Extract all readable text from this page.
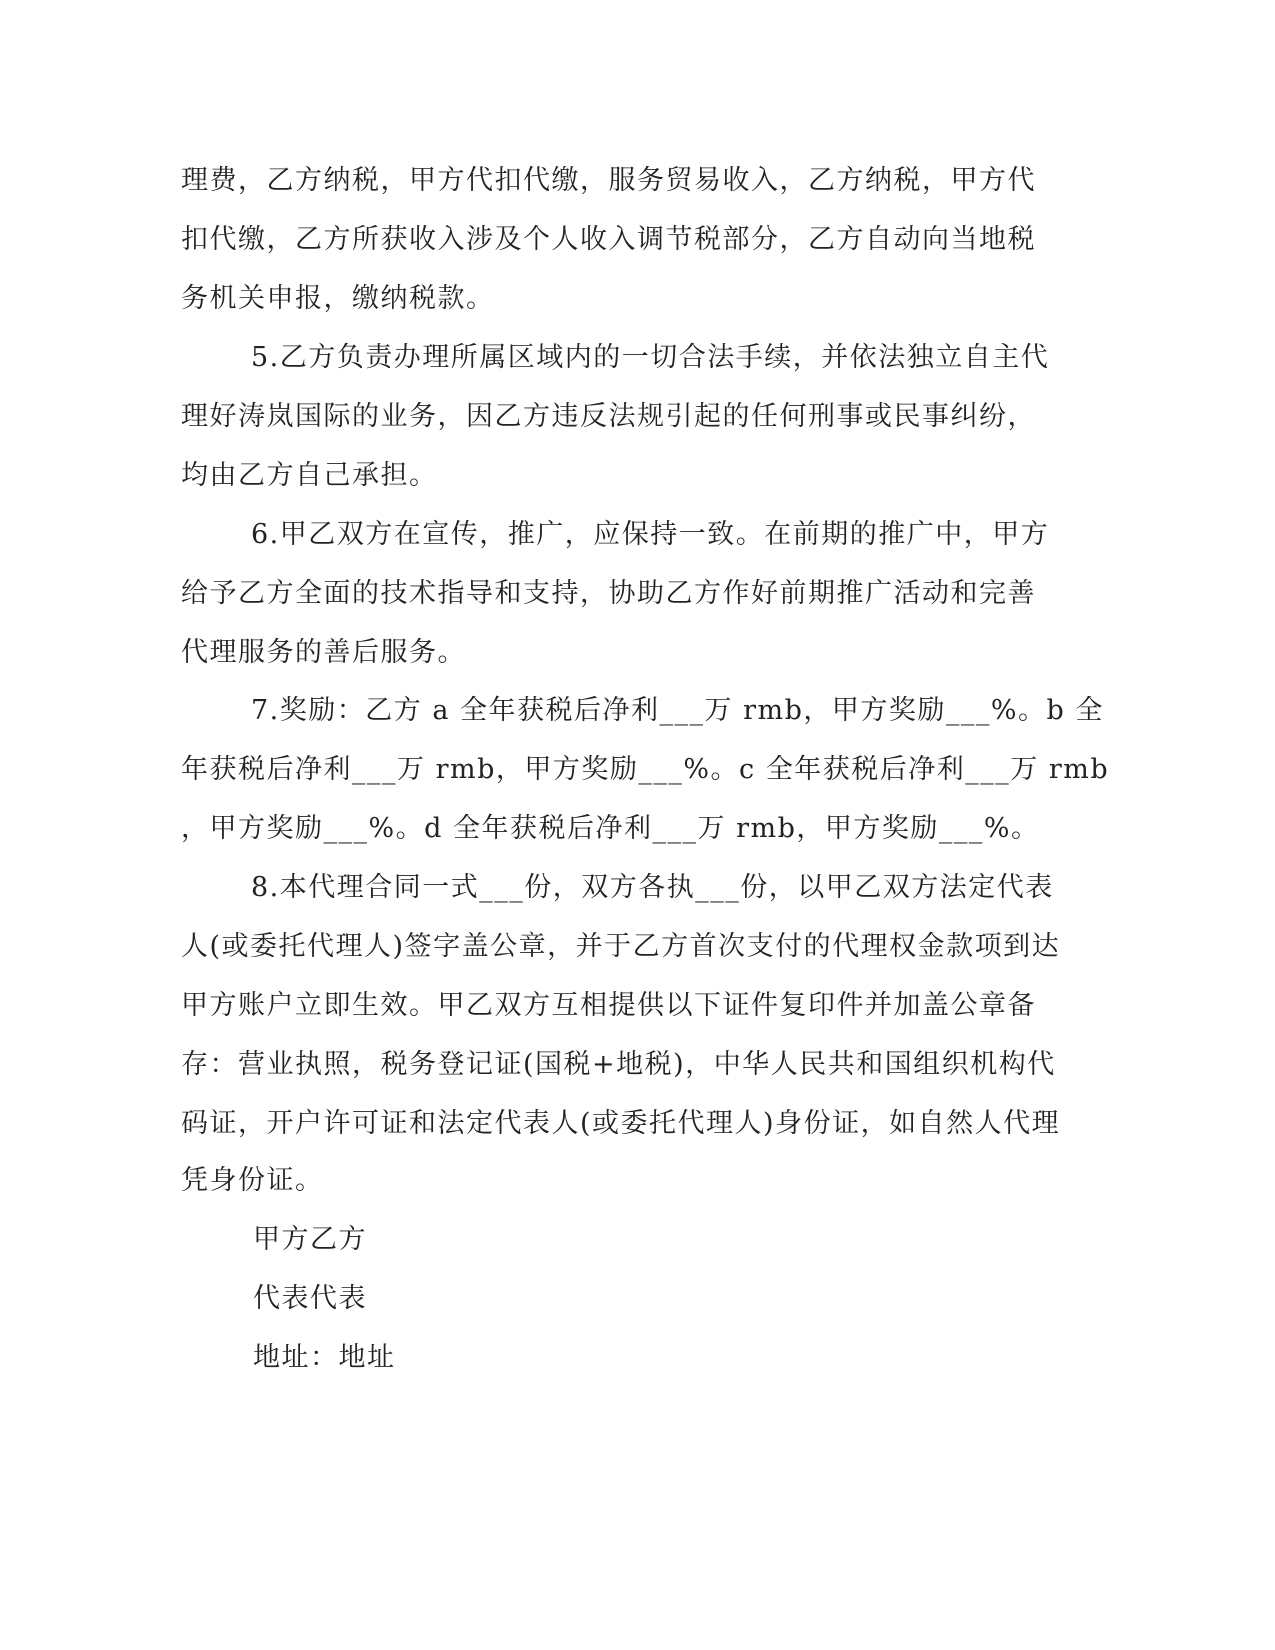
理费，乙方纳税，甲方代扣代缴，服务贸易收入，乙方纳税，甲方代
扣代缴，乙方所获收入涉及个人收入调节税部分，乙方自动向当地税
务机关申报，缴纳税款。
5.乙方负责办理所属区域内的一切合法手续，并依法独立自主代
理好涛岚国际的业务，因乙方违反法规引起的任何刑事或民事纠纷，
均由乙方自己承担。
6.甲乙双方在宣传，推广，应保持一致。在前期的推广中，甲方
给予乙方全面的技术指导和支持，协助乙方作好前期推广活动和完善
代理服务的善后服务。
7.奖励：乙方 a 全年获税后净利___万 rmb，甲方奖励___%。b 全
年获税后净利___万 rmb，甲方奖励___%。c 全年获税后净利___万 rmb
，甲方奖励___%。d 全年获税后净利___万 rmb，甲方奖励___%。
8.本代理合同一式___份，双方各执___份，以甲乙双方法定代表
人(或委托代理人)签字盖公章，并于乙方首次支付的代理权金款项到达
甲方账户立即生效。甲乙双方互相提供以下证件复印件并加盖公章备
存：营业执照，税务登记证(国税+地税)，中华人民共和国组织机构代
码证，开户许可证和法定代表人(或委托代理人)身份证，如自然人代理
凭身份证。
甲方乙方
代表代表
地址：地址
